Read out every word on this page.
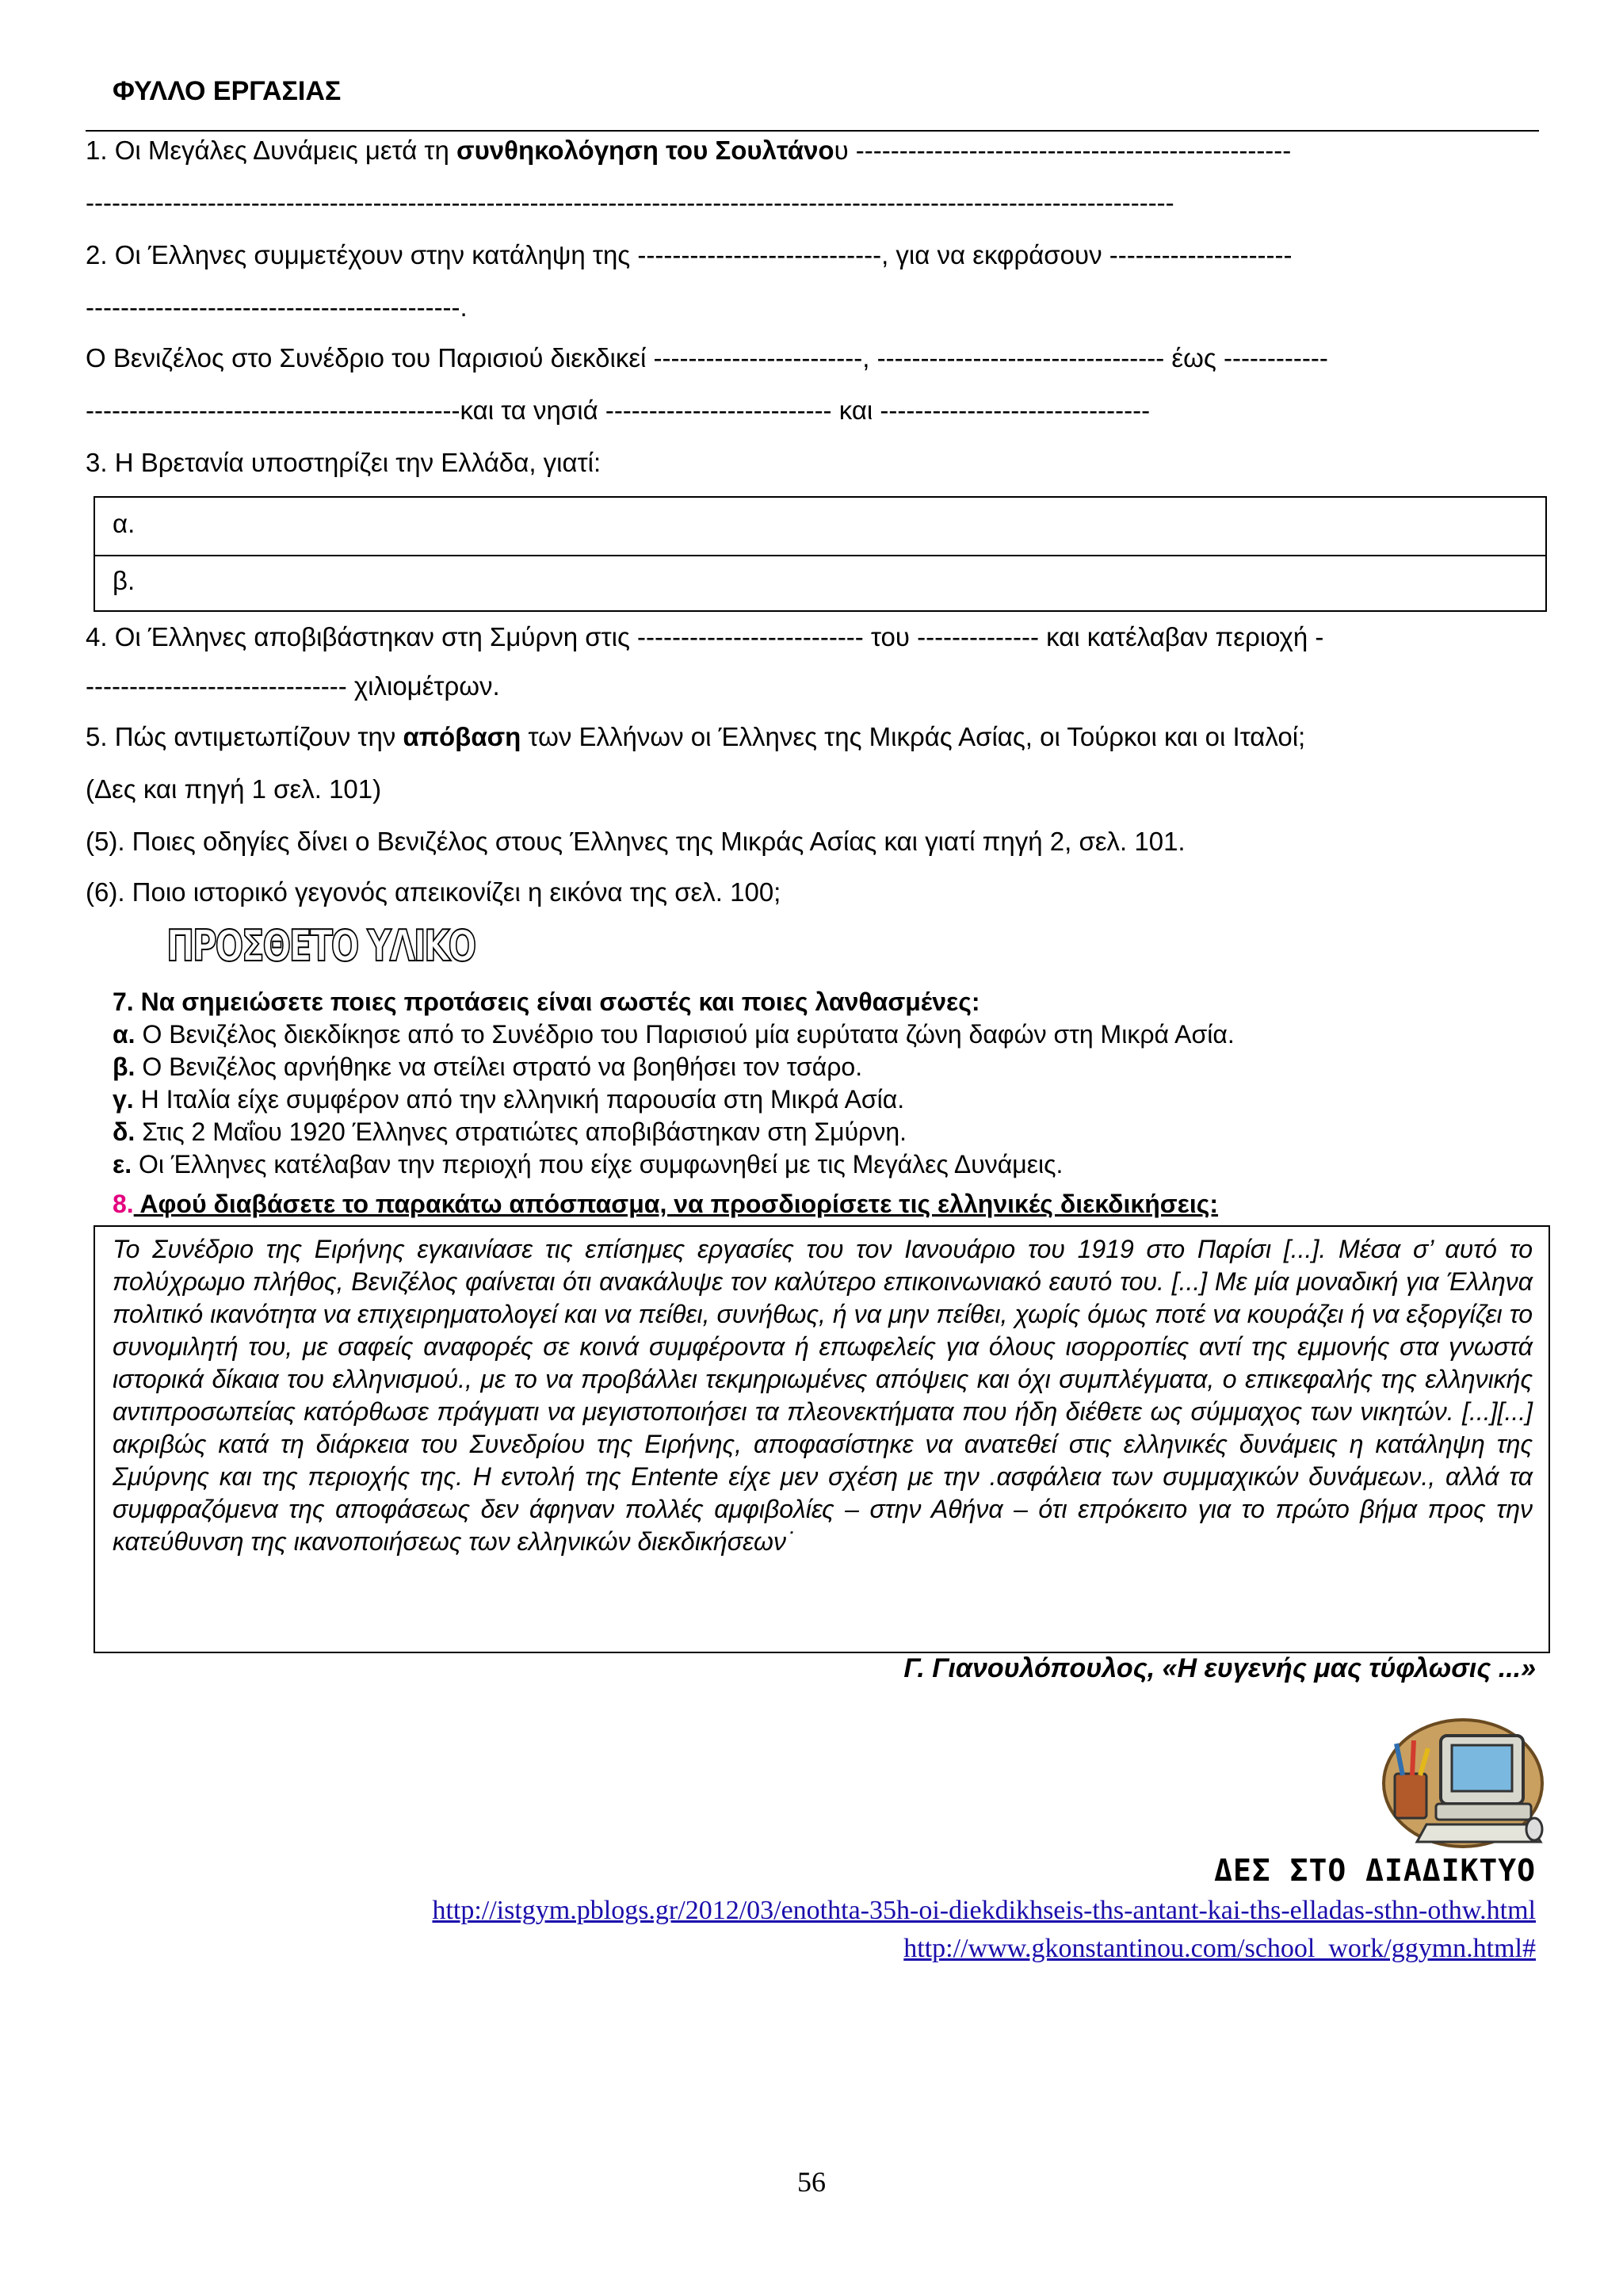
ΦΥΛΛΟ ΕΡΓΑΣΙΑΣ
1. Οι Μεγάλες Δυνάμεις μετά τη συνθηκολόγηση του Σουλτάνου --------------------------------------------------
-----------------------------------------------------------------------------------------------------------------------------
2. Οι Έλληνες συμμετέχουν στην κατάληψη της ----------------------------, για να εκφράσουν ---------------------
-------------------------------------------.
Ο Βενιζέλος στο Συνέδριο του Παρισιού διεκδικεί ------------------------, --------------------------------- έως ------------
-------------------------------------------και τα νησιά -------------------------- και -------------------------------
3. Η Βρετανία υποστηρίζει την Ελλάδα, γιατί:
α.
β.
4. Οι Έλληνες αποβιβάστηκαν στη Σμύρνη στις -------------------------- του -------------- και κατέλαβαν περιοχή -
------------------------------ χιλιομέτρων.
5. Πώς αντιμετωπίζουν την απόβαση των Ελλήνων οι Έλληνες της Μικράς Ασίας, οι Τούρκοι και οι Ιταλοί;
(Δες και πηγή 1 σελ. 101)
(5). Ποιες οδηγίες δίνει ο Βενιζέλος στους Έλληνες της Μικράς Ασίας και γιατί πηγή 2, σελ. 101.
(6). Ποιο ιστορικό γεγονός απεικονίζει η εικόνα της σελ. 100;
ΠΡΟΣΘΕΤΟ ΥΛΙΚΟ
7. Να σημειώσετε ποιες προτάσεις είναι σωστές και ποιες λανθασμένες:
α. Ο Βενιζέλος διεκδίκησε από το Συνέδριο του Παρισιού μία ευρύτατα ζώνη δαφών στη Μικρά Ασία.
β. Ο Βενιζέλος αρνήθηκε να στείλει στρατό να βοηθήσει τον τσάρο.
γ. Η Ιταλία είχε συμφέρον από την ελληνική παρουσία στη Μικρά Ασία.
δ. Στις 2 Μαΐου 1920 Έλληνες στρατιώτες αποβιβάστηκαν στη Σμύρνη.
ε. Οι Έλληνες κατέλαβαν την περιοχή που είχε συμφωνηθεί με τις Μεγάλες Δυνάμεις.
8. Αφού διαβάσετε το παρακάτω απόσπασμα, να προσδιορίσετε τις ελληνικές διεκδικήσεις:

Το Συνέδριο της Ειρήνης εγκαινίασε τις επίσημες εργασίες του τον Ιανουάριο του 1919 στο Παρίσι [...]. Μέσα σ’ αυτό το πολύχρωμο πλήθος, Βενιζέλος φαίνεται ότι ανακάλυψε τον καλύτερο επικοινωνιακό εαυτό του. [...] Με μία μοναδική για Έλληνα πολιτικό ικανότητα να επιχειρηματολογεί και να πείθει, συνήθως, ή να μην πείθει, χωρίς όμως ποτέ να κουράζει ή να εξοργίζει το συνομιλητή του, με σαφείς αναφορές σε κοινά συμφέροντα ή επωφελείς για όλους ισορροπίες αντί της εμμονής στα γνωστά ιστορικά δίκαια του ελληνισμού., με το να προβάλλει τεκμηριωμένες απόψεις και όχι συμπλέγματα, ο επικεφαλής της ελληνικής αντιπροσωπείας κατόρθωσε πράγματι να μεγιστοποιήσει τα πλεονεκτήματα που ήδη διέθετε ως σύμμαχος των νικητών. [...][...] ακριβώς κατά τη διάρκεια του Συνεδρίου της Ειρήνης, αποφασίστηκε να ανατεθεί στις ελληνικές δυνάμεις η κατάληψη της Σμύρνης και της περιοχής της. Η εντολή της Entente είχε μεν σχέση με την .ασφάλεια των συμμαχικών δυνάμεων., αλλά τα συμφραζόμενα της αποφάσεως δεν άφηναν πολλές αμφιβολίες – στην Αθήνα – ότι επρόκειτο για το πρώτο βήμα προς την κατεύθυνση της ικανοποιήσεως των ελληνικών διεκδικήσεων˙

Γ. Γιανουλόπουλος, «Η ευγενής μας τύφλωσις ...»
ΔΕΣ ΣΤΟ ΔΙΑΔΙΚΤΥΟ
http://istgym.pblogs.gr/2012/03/enothta-35h-oi-diekdikhseis-ths-antant-kai-ths-elladas-sthn-othw.html
http://www.gkonstantinou.com/school_work/ggymn.html#
56
